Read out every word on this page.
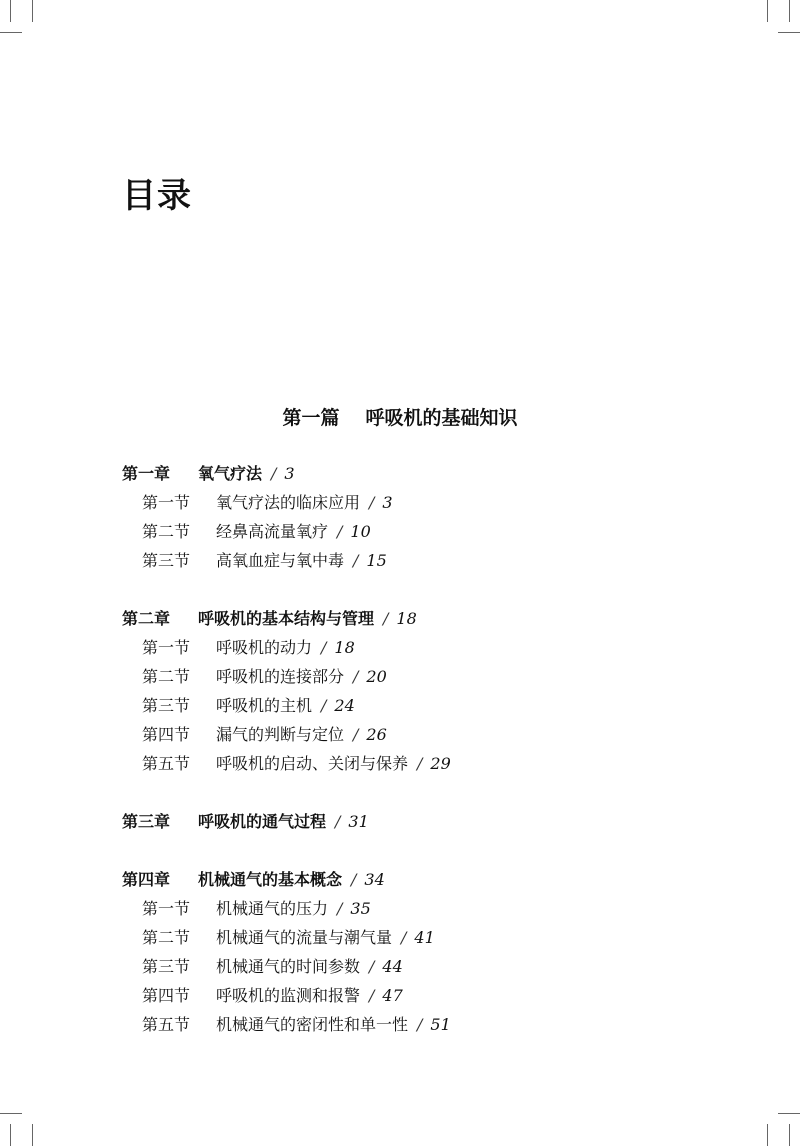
目录
第一篇 呼吸机的基础知识
第一章 氧气疗法 / 3
第一节 氧气疗法的临床应用 / 3
第二节 经鼻高流量氧疗 / 10
第三节 高氧血症与氧中毒 / 15
第二章 呼吸机的基本结构与管理 / 18
第一节 呼吸机的动力 / 18
第二节 呼吸机的连接部分 / 20
第三节 呼吸机的主机 / 24
第四节 漏气的判断与定位 / 26
第五节 呼吸机的启动、关闭与保养 / 29
第三章 呼吸机的通气过程 / 31
第四章 机械通气的基本概念 / 34
第一节 机械通气的压力 / 35
第二节 机械通气的流量与潮气量 / 41
第三节 机械通气的时间参数 / 44
第四节 呼吸机的监测和报警 / 47
第五节 机械通气的密闭性和单一性 / 51
